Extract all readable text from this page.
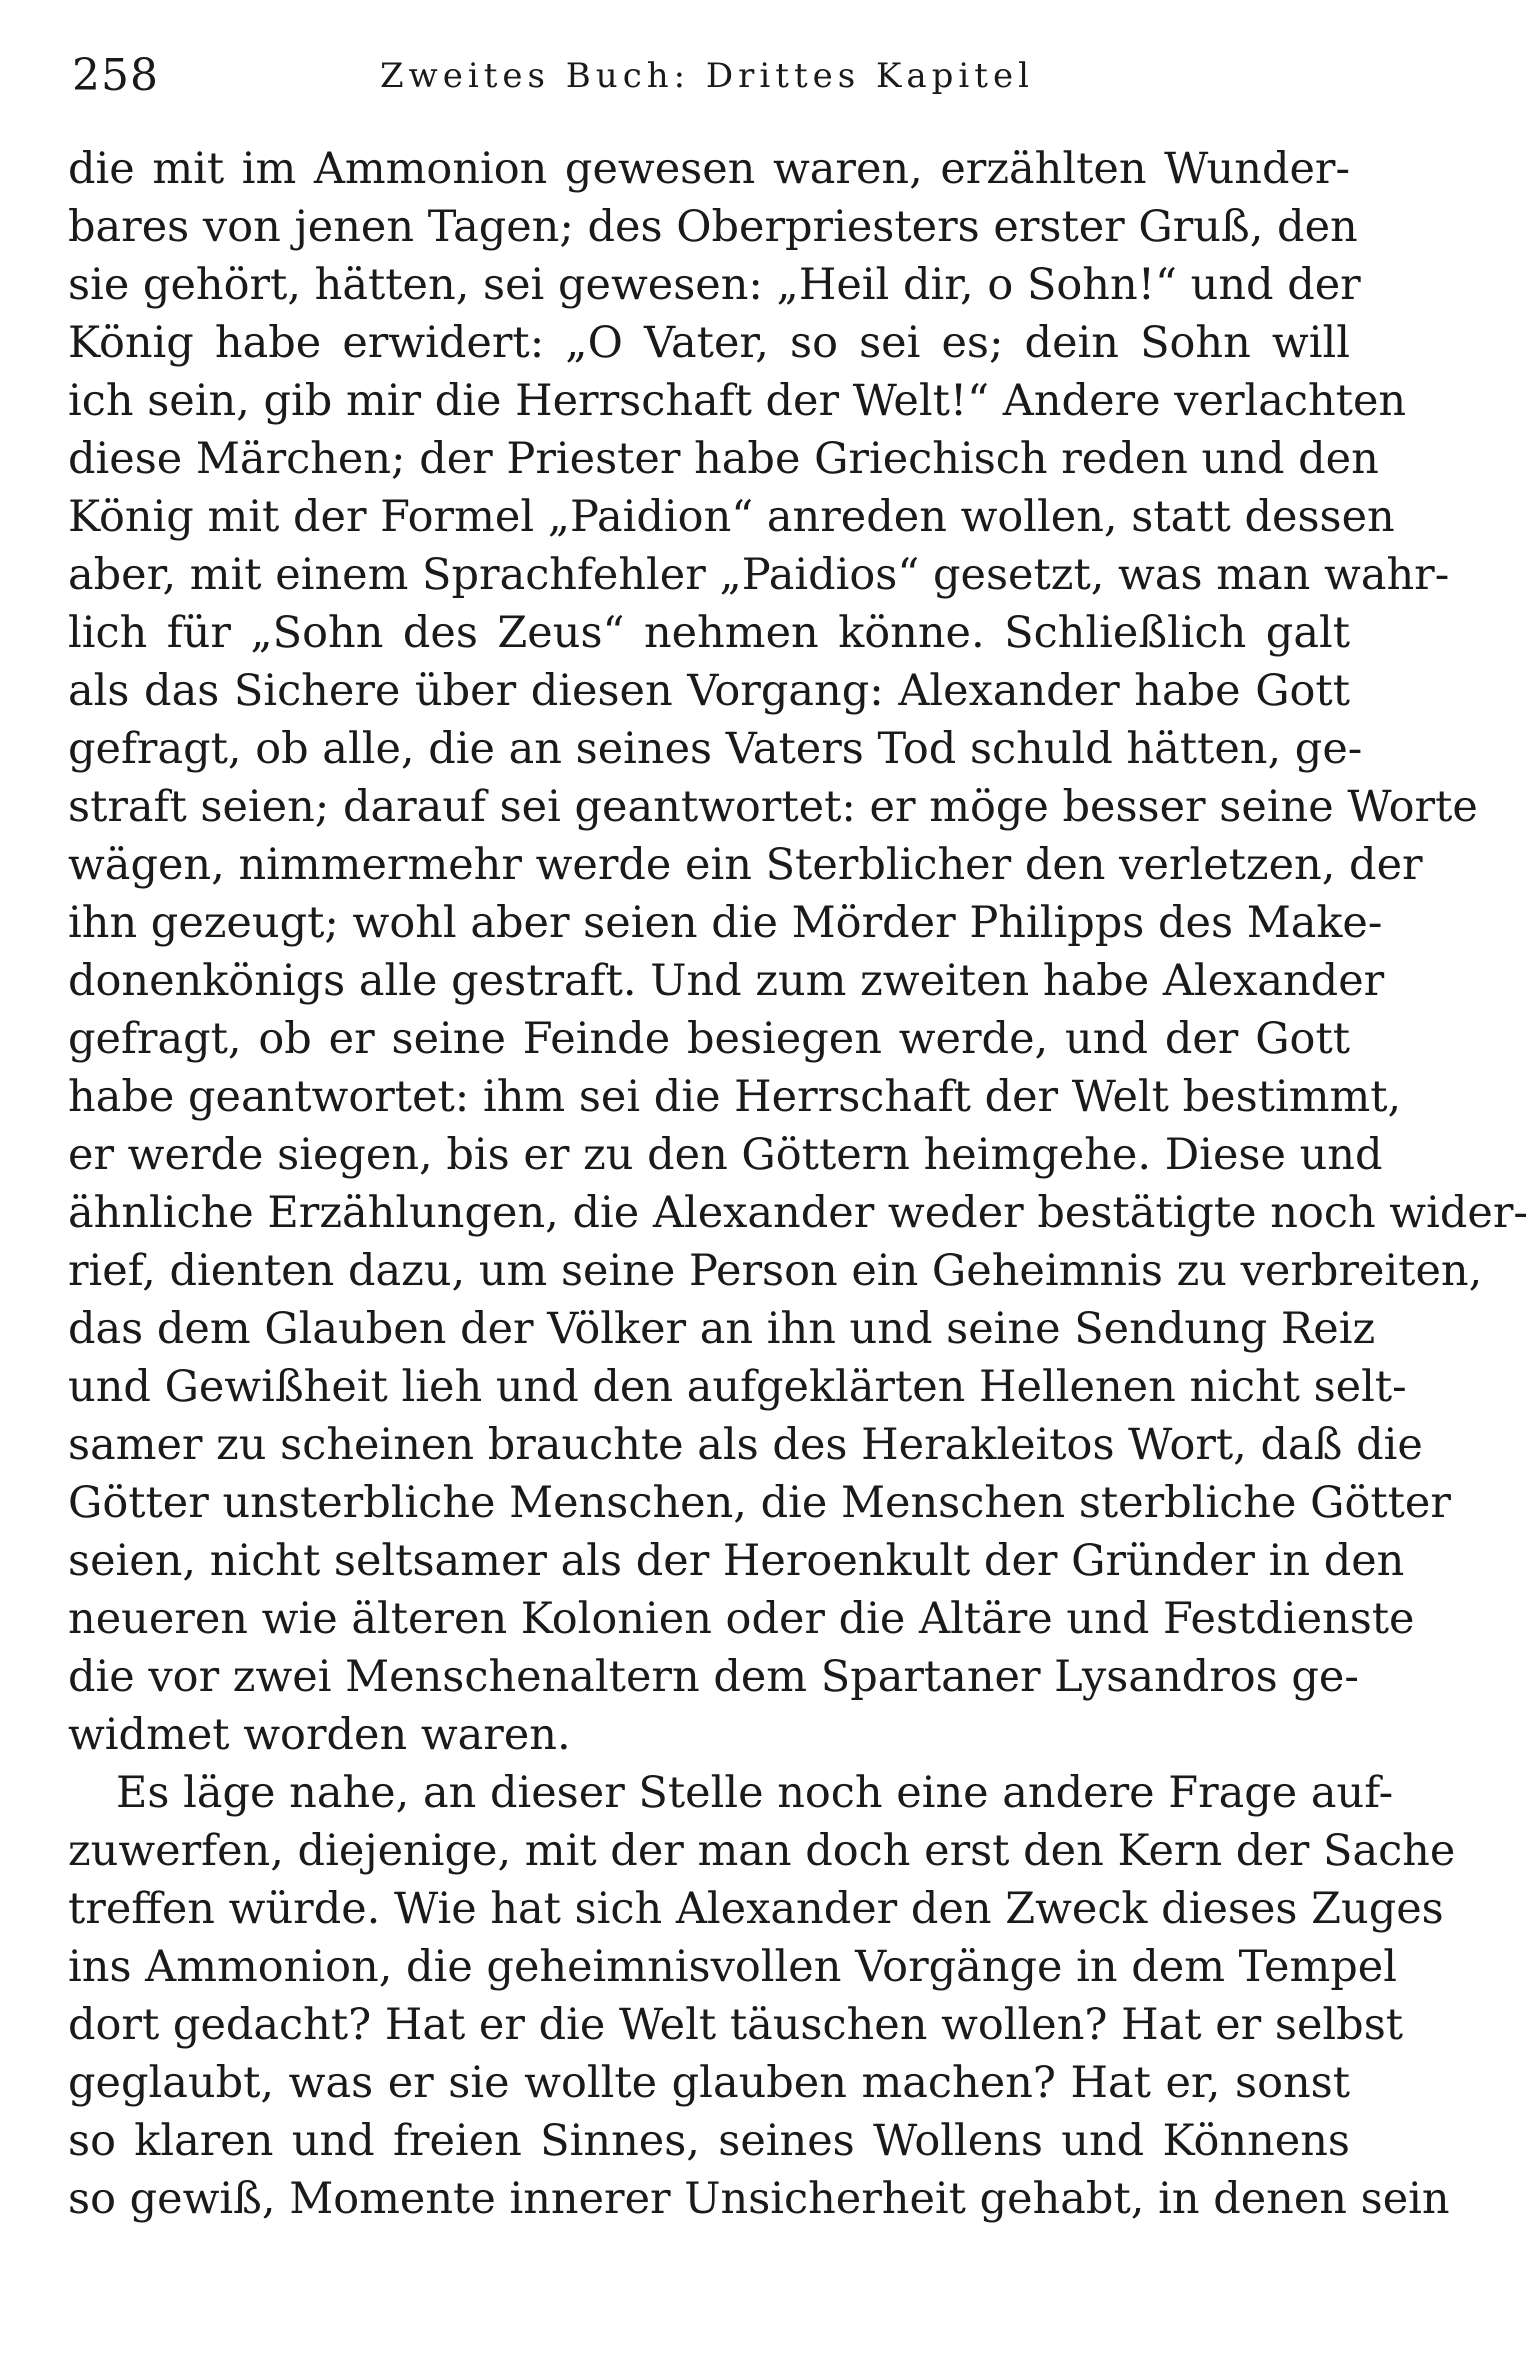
258	Zweites Buch: Drittes Kapitel
die mit im Ammonion gewesen waren, erzählten Wunder-
bares von jenen Tagen; des Oberpriesters erster Gruß, den
sie gehört, hätten, sei gewesen: „Heil dir, o Sohn!“ und der
König habe erwidert: „O Vater, so sei es; dein Sohn will
ich sein, gib mir die Herrschaft der Welt!“ Andere verlachten
diese Märchen; der Priester habe Griechisch reden und den
König mit der Formel „Paidion“ anreden wollen, statt dessen
aber, mit einem Sprachfehler „Paidios“ gesetzt, was man wahr-
lich für „Sohn des Zeus“ nehmen könne. Schließlich galt
als das Sichere über diesen Vorgang: Alexander habe Gott
gefragt, ob alle, die an seines Vaters Tod schuld hätten, ge-
straft seien; darauf sei geantwortet: er möge besser seine Worte
wägen, nimmermehr werde ein Sterblicher den verletzen, der
ihn gezeugt; wohl aber seien die Mörder Philipps des Make-
donenkönigs alle gestraft. Und zum zweiten habe Alexander
gefragt, ob er seine Feinde besiegen werde, und der Gott
habe geantwortet: ihm sei die Herrschaft der Welt bestimmt,
er werde siegen, bis er zu den Göttern heimgehe. Diese und
ähnliche Erzählungen, die Alexander weder bestätigte noch wider-
rief, dienten dazu, um seine Person ein Geheimnis zu verbreiten,
das dem Glauben der Völker an ihn und seine Sendung Reiz
und Gewißheit lieh und den aufgeklärten Hellenen nicht selt-
samer zu scheinen brauchte als des Herakleitos Wort, daß die
Götter unsterbliche Menschen, die Menschen sterbliche Götter
seien, nicht seltsamer als der Heroenkult der Gründer in den
neueren wie älteren Kolonien oder die Altäre und Festdienste
die vor zwei Menschenaltern dem Spartaner Lysandros ge-
widmet worden waren.
Es läge nahe, an dieser Stelle noch eine andere Frage auf-
zuwerfen, diejenige, mit der man doch erst den Kern der Sache
treffen würde. Wie hat sich Alexander den Zweck dieses Zuges
ins Ammonion, die geheimnisvollen Vorgänge in dem Tempel
dort gedacht? Hat er die Welt täuschen wollen? Hat er selbst
geglaubt, was er sie wollte glauben machen? Hat er, sonst
so klaren und freien Sinnes, seines Wollens und Könnens
so gewiß, Momente innerer Unsicherheit gehabt, in denen sein
